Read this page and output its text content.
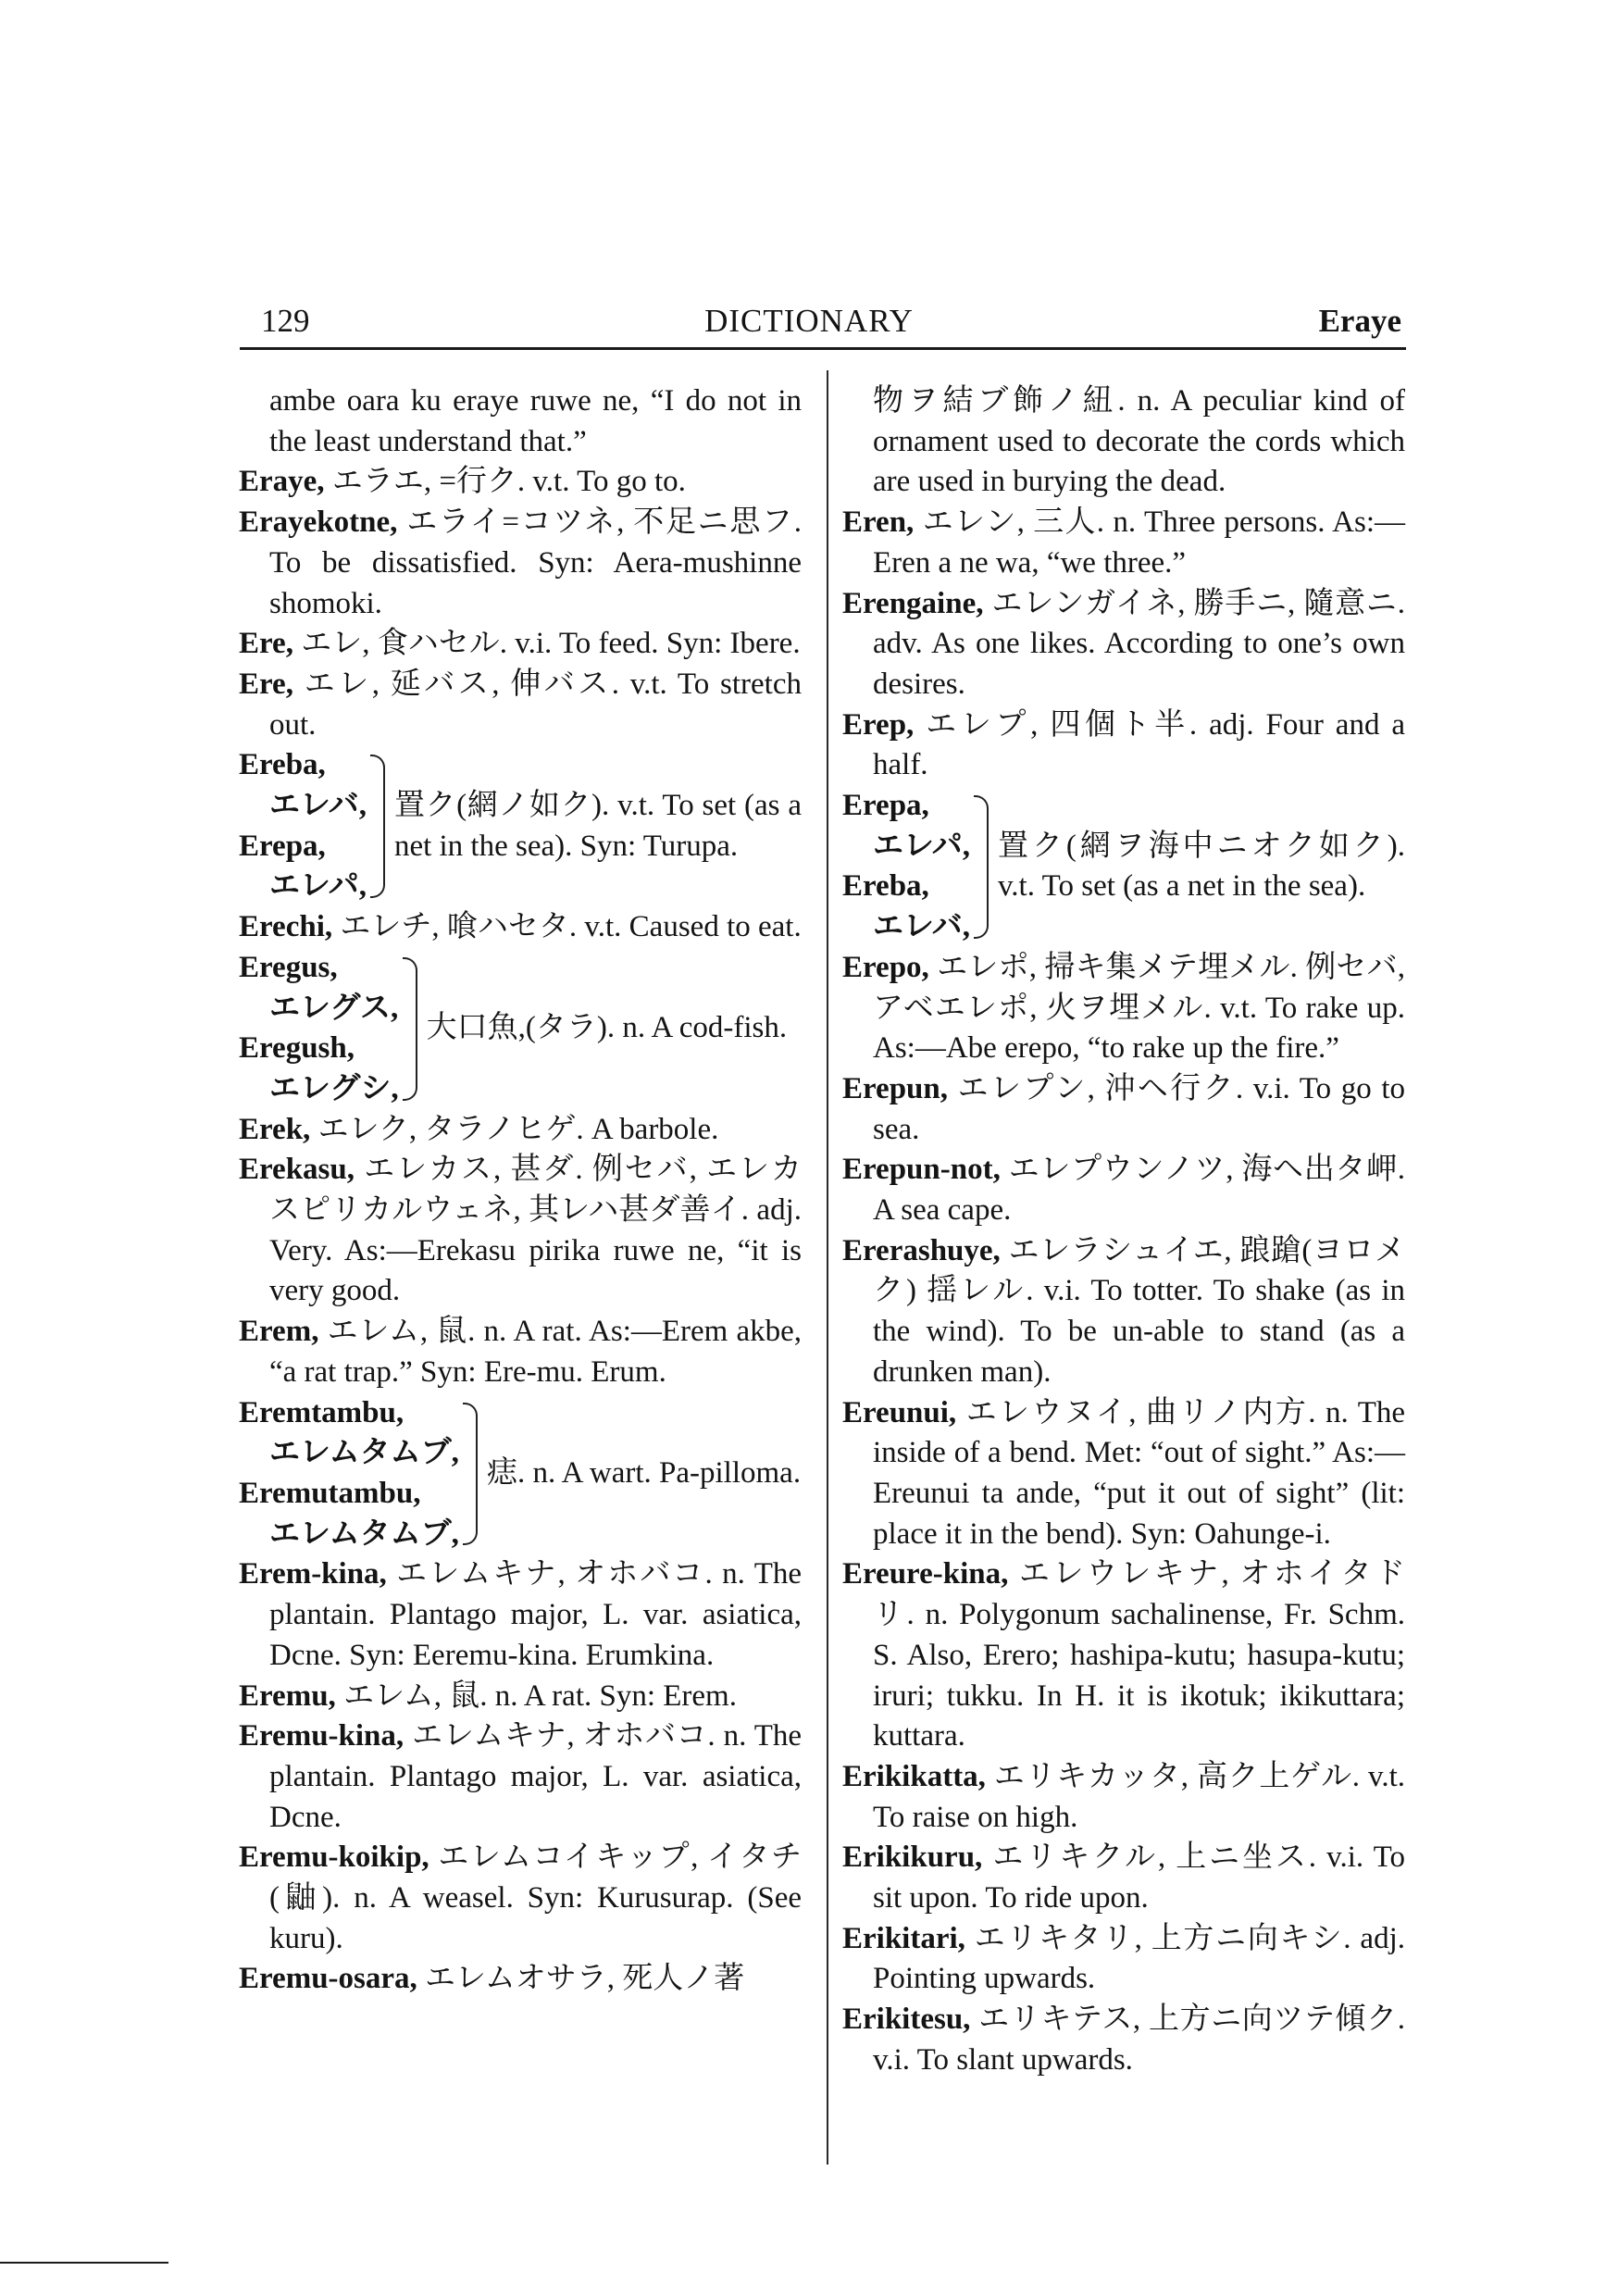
129	DICTIONARY	Eraye

ambe oara ku eraye ruwe ne, “I do not in the least understand that.”

Eraye, エラエ, =行ク. v.t. To go to.

Erayekotne, エライ=コツネ, 不足ニ思フ. To be dissatisfied. Syn: Aera-mushinne shomoki.

Ere, エレ, 食ハセル. v.i. To feed. Syn: Ibere.

Ere, エレ, 延バス, 伸バス. v.t. To stretch out.

Ereba,
エレバ,
Erepa,
エレパ,
置ク(網ノ如ク). v.t. To set (as a net in the sea). Syn: Turupa.

Erechi, エレチ, 喰ハセタ. v.t. Caused to eat.

Eregus,
エレグス,
Eregush,
エレグシ,
大口魚,(タラ). n. A cod-fish.

Erek, エレク, タラノヒゲ. A barbole.

Erekasu, エレカス, 甚ダ. 例セバ, エレカスピリカルウェネ, 其レハ甚ダ善イ. adj. Very. As:—Erekasu pirika ruwe ne, “it is very good.

Erem, エレム, 鼠. n. A rat. As:—Erem akbe, “a rat trap.” Syn: Ere-mu. Erum.

Eremtambu,
エレムタムブ,
Eremutambu,
エレムタムブ,
痣. n. A wart. Pa-pilloma.

Erem-kina, エレムキナ, オホバコ. n. The plantain. Plantago major, L. var. asiatica, Dcne. Syn: Eeremu-kina. Erumkina.

Eremu, エレム, 鼠. n. A rat. Syn: Erem.

Eremu-kina, エレムキナ, オホバコ. n. The plantain. Plantago major, L. var. asiatica, Dcne.

Eremu-koikip, エレムコイキップ, イタチ(鼬). n. A weasel. Syn: Kurusurap. (See kuru).

Eremu-osara, エレムオサラ, 死人ノ著

物ヲ結ブ飾ノ紐. n. A peculiar kind of ornament used to decorate the cords which are used in burying the dead.

Eren, エレン, 三人. n. Three persons. As:—Eren a ne wa, “we three.”

Erengaine, エレンガイネ, 勝手ニ, 隨意ニ. adv. As one likes. According to one’s own desires.

Erep, エレプ, 四個ト半. adj. Four and a half.

Erepa,
エレパ,
Ereba,
エレバ,
置ク(網ヲ海中ニオク如ク). v.t. To set (as a net in the sea).

Erepo, エレポ, 掃キ集メテ埋メル. 例セバ, アベエレポ, 火ヲ埋メル. v.t. To rake up. As:—Abe erepo, “to rake up the fire.”

Erepun, エレプン, 沖ヘ行ク. v.i. To go to sea.

Erepun-not, エレプウンノツ, 海ヘ出タ岬. A sea cape.

Ererashuye, エレラシュイエ, 踉蹌(ヨロメク) 揺レル. v.i. To totter. To shake (as in the wind). To be un-able to stand (as a drunken man).

Ereunui, エレウヌイ, 曲リノ内方. n. The inside of a bend. Met: “out of sight.” As:—Ereunui ta ande, “put it out of sight” (lit: place it in the bend). Syn: Oahunge-i.

Ereure-kina, エレウレキナ, オホイタドリ. n. Polygonum sachalinense, Fr. Schm. S. Also, Erero; hashipa-kutu; hasupa-kutu; iruri; tukku. In H. it is ikotuk; ikikuttara; kuttara.

Erikikatta, エリキカッタ, 高ク上ゲル. v.t. To raise on high.

Erikikuru, エリキクル, 上ニ坐ス. v.i. To sit upon. To ride upon.

Erikitari, エリキタリ, 上方ニ向キシ. adj. Pointing upwards.

Erikitesu, エリキテス, 上方ニ向ツテ傾ク. v.i. To slant upwards.
